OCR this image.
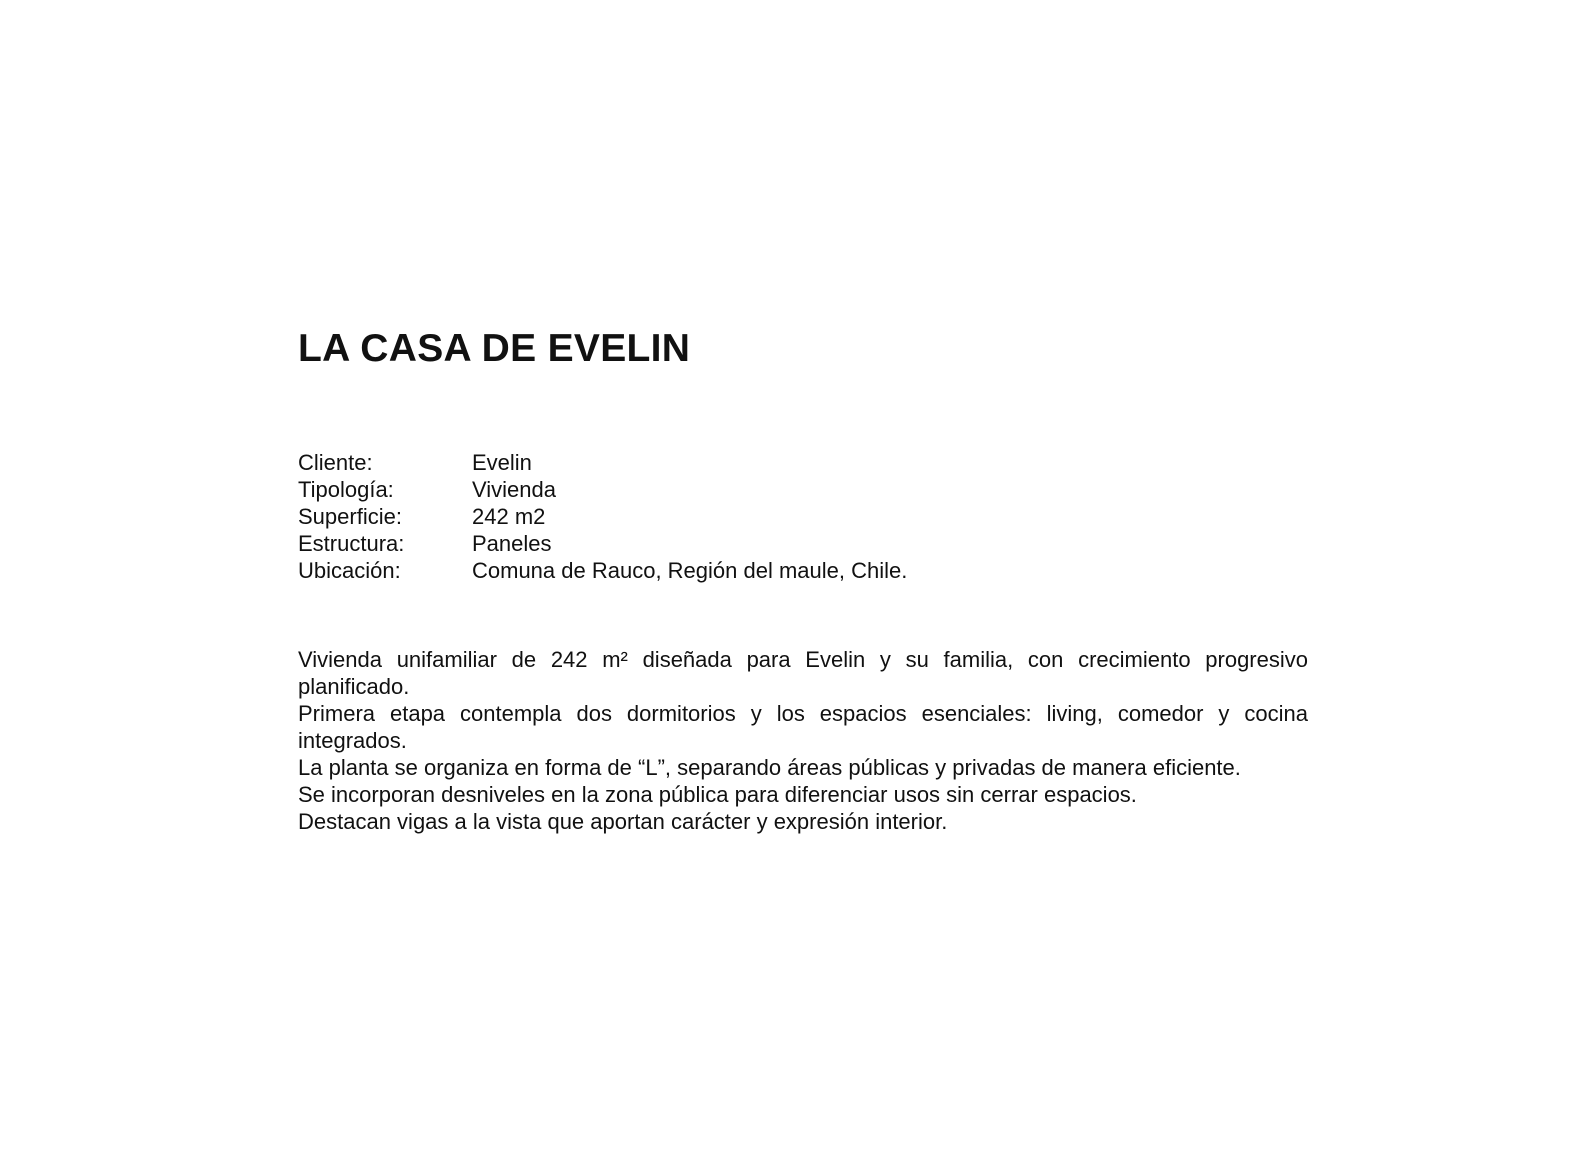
LA CASA DE EVELIN
Cliente:	Evelin
Tipología:	Vivienda
Superficie:	242 m2
Estructura:	Paneles
Ubicación:	Comuna de Rauco, Región del maule, Chile.

Vivienda unifamiliar de 242 m² diseñada para Evelin y su familia, con crecimiento progresivo planificado.

Primera etapa contempla dos dormitorios y los espacios esenciales: living, comedor y cocina integrados.

La planta se organiza en forma de “L”, separando áreas públicas y privadas de manera eficiente.

Se incorporan desniveles en la zona pública para diferenciar usos sin cerrar espacios.

Destacan vigas a la vista que aportan carácter y expresión interior.
